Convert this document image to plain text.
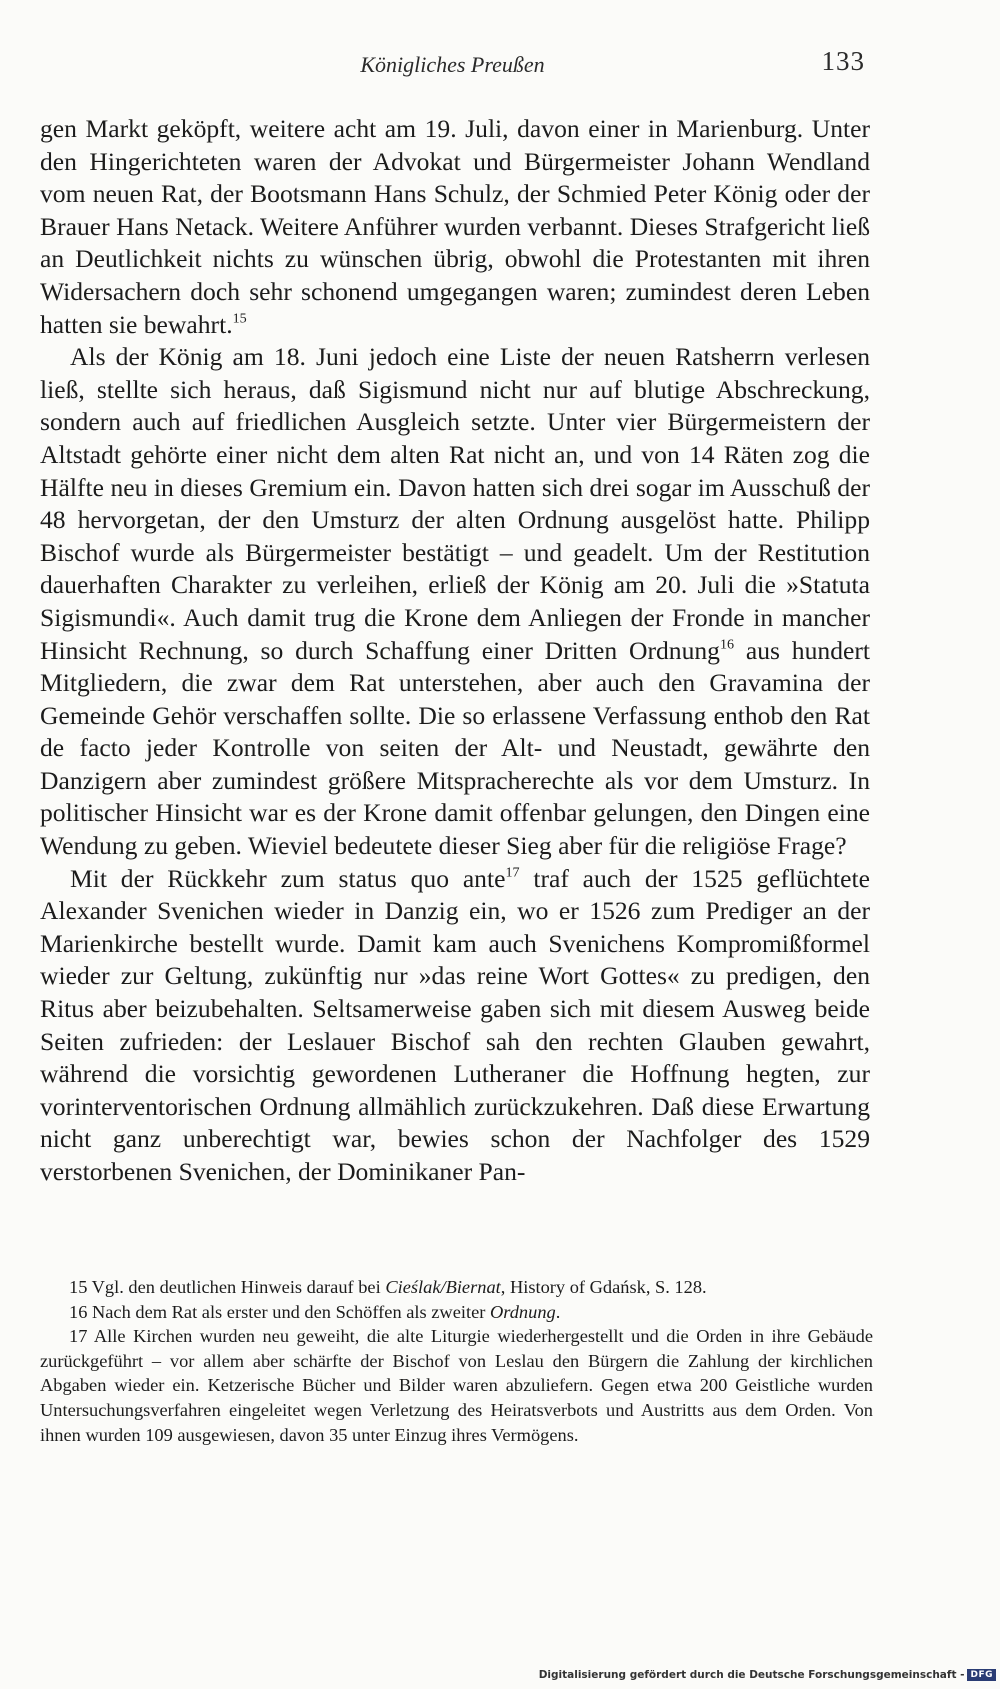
Königliches Preußen	133

gen Markt geköpft, weitere acht am 19. Juli, davon einer in Marienburg. Unter den Hingerichteten waren der Advokat und Bürgermeister Johann Wendland vom neuen Rat, der Bootsmann Hans Schulz, der Schmied Peter König oder der Brauer Hans Netack. Weitere Anführer wurden verbannt. Dieses Strafgericht ließ an Deutlichkeit nichts zu wünschen übrig, obwohl die Protestanten mit ihren Widersachern doch sehr schonend umgegangen waren; zumindest deren Leben hatten sie bewahrt.$^{15}$

Als der König am 18. Juni jedoch eine Liste der neuen Ratsherrn verlesen ließ, stellte sich heraus, daß Sigismund nicht nur auf blutige Abschreckung, sondern auch auf friedlichen Ausgleich setzte. Unter vier Bürgermeistern der Altstadt gehörte einer nicht dem alten Rat nicht an, und von 14 Räten zog die Hälfte neu in dieses Gremium ein. Davon hatten sich drei sogar im Ausschuß der 48 hervorgetan, der den Umsturz der alten Ordnung ausgelöst hatte. Philipp Bischof wurde als Bürgermeister bestätigt – und geadelt. Um der Restitution dauerhaften Charakter zu verleihen, erließ der König am 20. Juli die »Statuta Sigismundi«. Auch damit trug die Krone dem Anliegen der Fronde in mancher Hinsicht Rechnung, so durch Schaffung einer Dritten Ordnung$^{16}$ aus hundert Mitgliedern, die zwar dem Rat unterstehen, aber auch den Gravamina der Gemeinde Gehör verschaffen sollte. Die so erlassene Verfassung enthob den Rat de facto jeder Kontrolle von seiten der Alt- und Neustadt, gewährte den Danzigern aber zumindest größere Mitspracherechte als vor dem Umsturz. In politischer Hinsicht war es der Krone damit offenbar gelungen, den Dingen eine Wendung zu geben. Wieviel bedeutete dieser Sieg aber für die religiöse Frage?

Mit der Rückkehr zum status quo ante$^{17}$ traf auch der 1525 geflüchtete Alexander Svenichen wieder in Danzig ein, wo er 1526 zum Prediger an der Marienkirche bestellt wurde. Damit kam auch Svenichens Kompromißformel wieder zur Geltung, zukünftig nur »das reine Wort Gottes« zu predigen, den Ritus aber beizubehalten. Seltsamerweise gaben sich mit diesem Ausweg beide Seiten zufrieden: der Leslauer Bischof sah den rechten Glauben gewahrt, während die vorsichtig gewordenen Lutheraner die Hoffnung hegten, zur vorinterventorischen Ordnung allmählich zurückzukehren. Daß diese Erwartung nicht ganz unberechtigt war, bewies schon der Nachfolger des 1529 verstorbenen Svenichen, der Dominikaner Pan-

15 Vgl. den deutlichen Hinweis darauf bei Cieślak/Biernat, History of Gdańsk, S. 128.

16 Nach dem Rat als erster und den Schöffen als zweiter Ordnung.

17 Alle Kirchen wurden neu geweiht, die alte Liturgie wiederhergestellt und die Orden in ihre Gebäude zurückgeführt – vor allem aber schärfte der Bischof von Leslau den Bürgern die Zahlung der kirchlichen Abgaben wieder ein. Ketzerische Bücher und Bilder waren abzuliefern. Gegen etwa 200 Geistliche wurden Untersuchungsverfahren eingeleitet wegen Verletzung des Heiratsverbots und Austritts aus dem Orden. Von ihnen wurden 109 ausgewiesen, davon 35 unter Einzug ihres Vermögens.

Digitalisierung gefördert durch die Deutsche Forschungsgemeinschaft - DFG
